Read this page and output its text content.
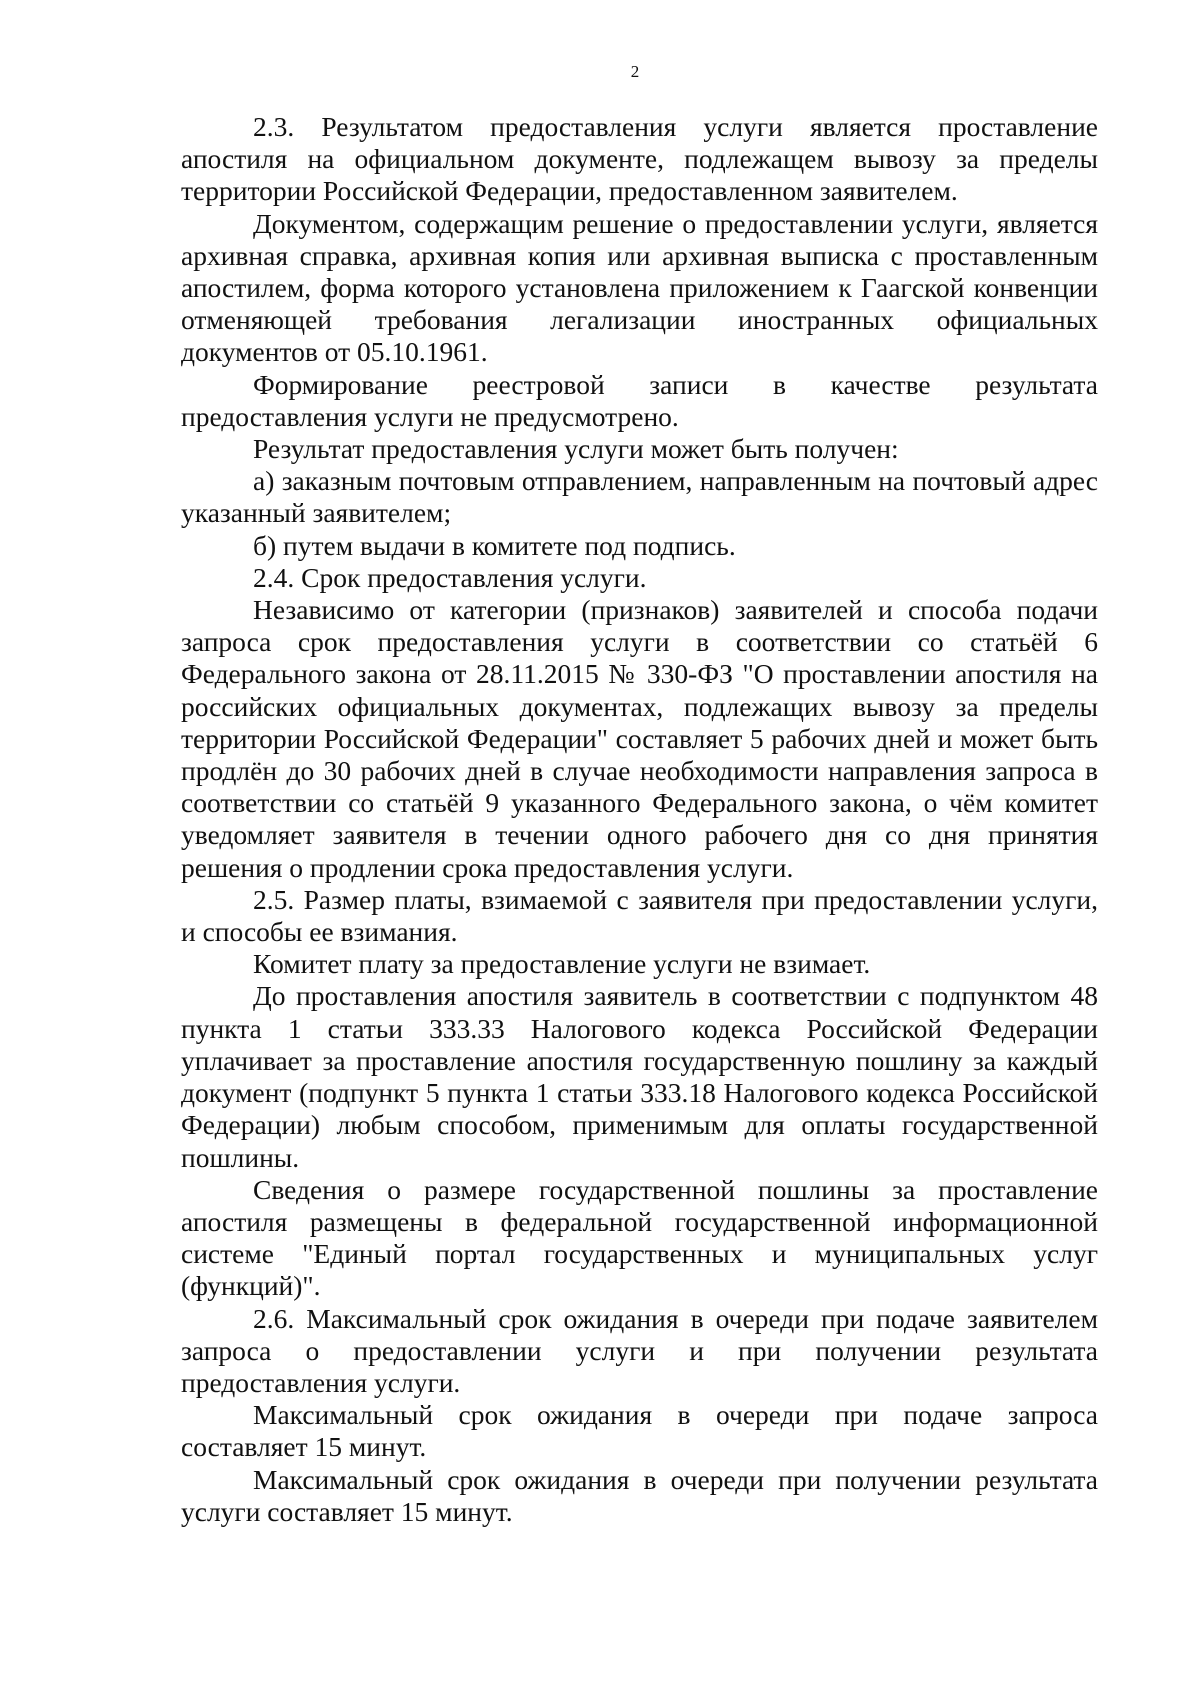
2

2.3. Результатом предоставления услуги является проставление апостиля на официальном документе, подлежащем вывозу за пределы территории Российской Федерации, предоставленном заявителем.

Документом, содержащим решение о предоставлении услуги, является архивная справка, архивная копия или архивная выписка с проставленным апостилем, форма которого установлена приложением к Гаагской конвенции отменяющей требования легализации иностранных официальных документов от 05.10.1961.

Формирование реестровой записи в качестве результата предоставления услуги не предусмотрено.

Результат предоставления услуги может быть получен:

а) заказным почтовым отправлением, направленным на почтовый адрес указанный заявителем;

б) путем выдачи в комитете под подпись.

2.4. Срок предоставления услуги.

Независимо от категории (признаков) заявителей и способа подачи запроса срок предоставления услуги в соответствии со статьёй 6 Федерального закона от 28.11.2015 № 330-ФЗ "О проставлении апостиля на российских официальных документах, подлежащих вывозу за пределы территории Российской Федерации" составляет 5 рабочих дней и может быть продлён до 30 рабочих дней в случае необходимости направления запроса в соответствии со статьёй 9 указанного Федерального закона, о чём комитет уведомляет заявителя в течении одного рабочего дня со дня принятия решения о продлении срока предоставления услуги.

2.5. Размер платы, взимаемой с заявителя при предоставлении услуги, и способы ее взимания.

Комитет плату за предоставление услуги не взимает.

До проставления апостиля заявитель в соответствии с подпунктом 48 пункта 1 статьи 333.33 Налогового кодекса Российской Федерации уплачивает за проставление апостиля государственную пошлину за каждый документ (подпункт 5 пункта 1 статьи 333.18 Налогового кодекса Российской Федерации) любым способом, применимым для оплаты государственной пошлины.

Сведения о размере государственной пошлины за проставление апостиля размещены в федеральной государственной информационной системе "Единый портал государственных и муниципальных услуг (функций)".

2.6. Максимальный срок ожидания в очереди при подаче заявителем запроса о предоставлении услуги и при получении результата предоставления услуги.

Максимальный срок ожидания в очереди при подаче запроса составляет 15 минут.

Максимальный срок ожидания в очереди при получении результата услуги составляет 15 минут.
